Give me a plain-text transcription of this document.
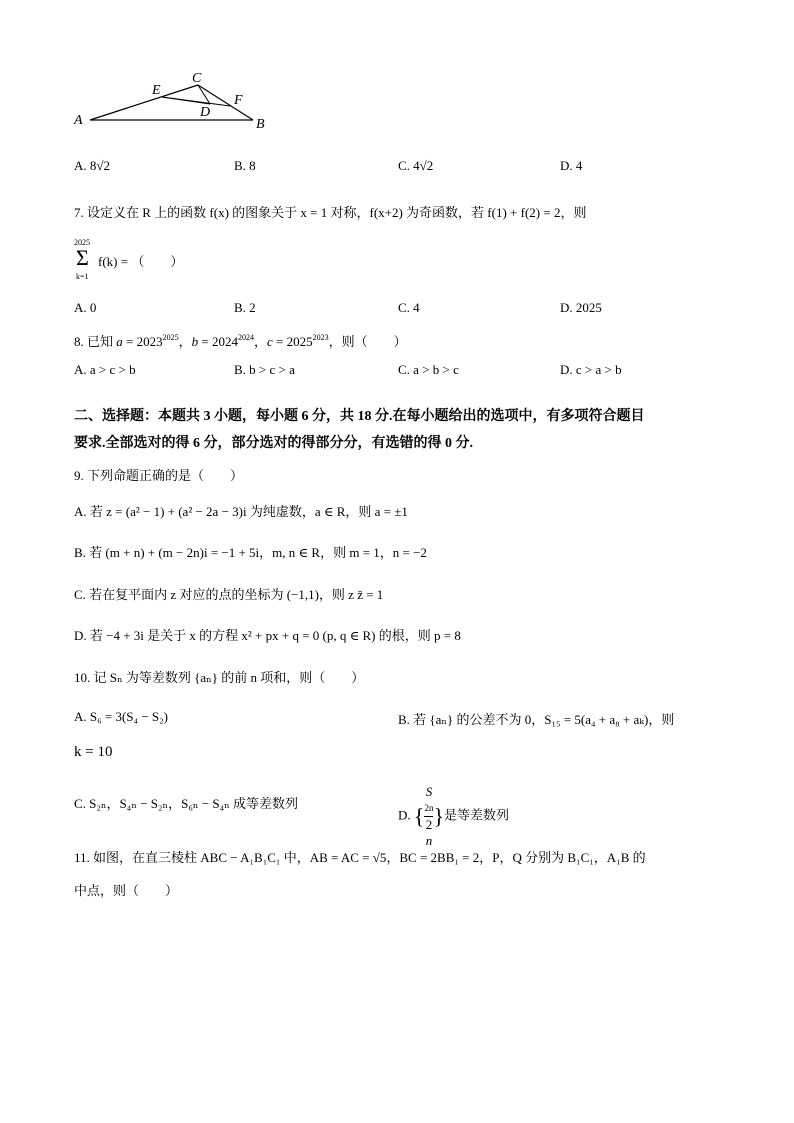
A
E
C
D
F
B
A. 8√2	B. 8	C. 4√2	D. 4
7. 设定义在 R 上的函数 f(x) 的图象关于 x = 1 对称，f(x+2) 为奇函数，若 f(1) + f(2) = 2，则
2025
Σ
k=1
f(k) = （　　）
A. 0	B. 2	C. 4	D. 2025
8. 已知 $a = 2023^{2025}$，$b = 2024^{2024}$，$c = 2025^{2023}$，则（　　）
A. a > c > b	B. b > c > a	C. a > b > c	D. c > a > b
二、选择题：本题共 3 小题，每小题 6 分，共 18 分.在每小题给出的选项中，有多项符合题目
要求.全部选对的得 6 分，部分选对的得部分分，有选错的得 0 分.
9. 下列命题正确的是（　　）
A. 若 z = (a² − 1) + (a² − 2a − 3)i 为纯虚数，a ∈ R，则 a = ±1
B. 若 (m + n) + (m − 2n)i = −1 + 5i，m, n ∈ R，则 m = 1，n = −2
C. 若在复平面内 z 对应的点的坐标为 (−1,1)，则 z z̄ = 1
D. 若 −4 + 3i 是关于 x 的方程 x² + px + q = 0 (p, q ∈ R) 的根，则 p = 8
10. 记 Sₙ 为等差数列 {aₙ} 的前 n 项和，则（　　）
A. S₆ = 3(S₄ − S₂)	B. 若 {aₙ} 的公差不为 0，S₁₅ = 5(a₄ + a₈ + aₖ)，则
k = 10
C. S₂ₙ，S₄ₙ − S₂ₙ，S₆ₙ − S₄ₙ 成等差数列
D. { S
2n
2
n }是等差数列
11. 如图，在直三棱柱 ABC − A₁B₁C₁ 中，AB = AC = √5，BC = 2BB₁ = 2，P，Q 分别为 B₁C₁，A₁B 的
中点，则（　　）
